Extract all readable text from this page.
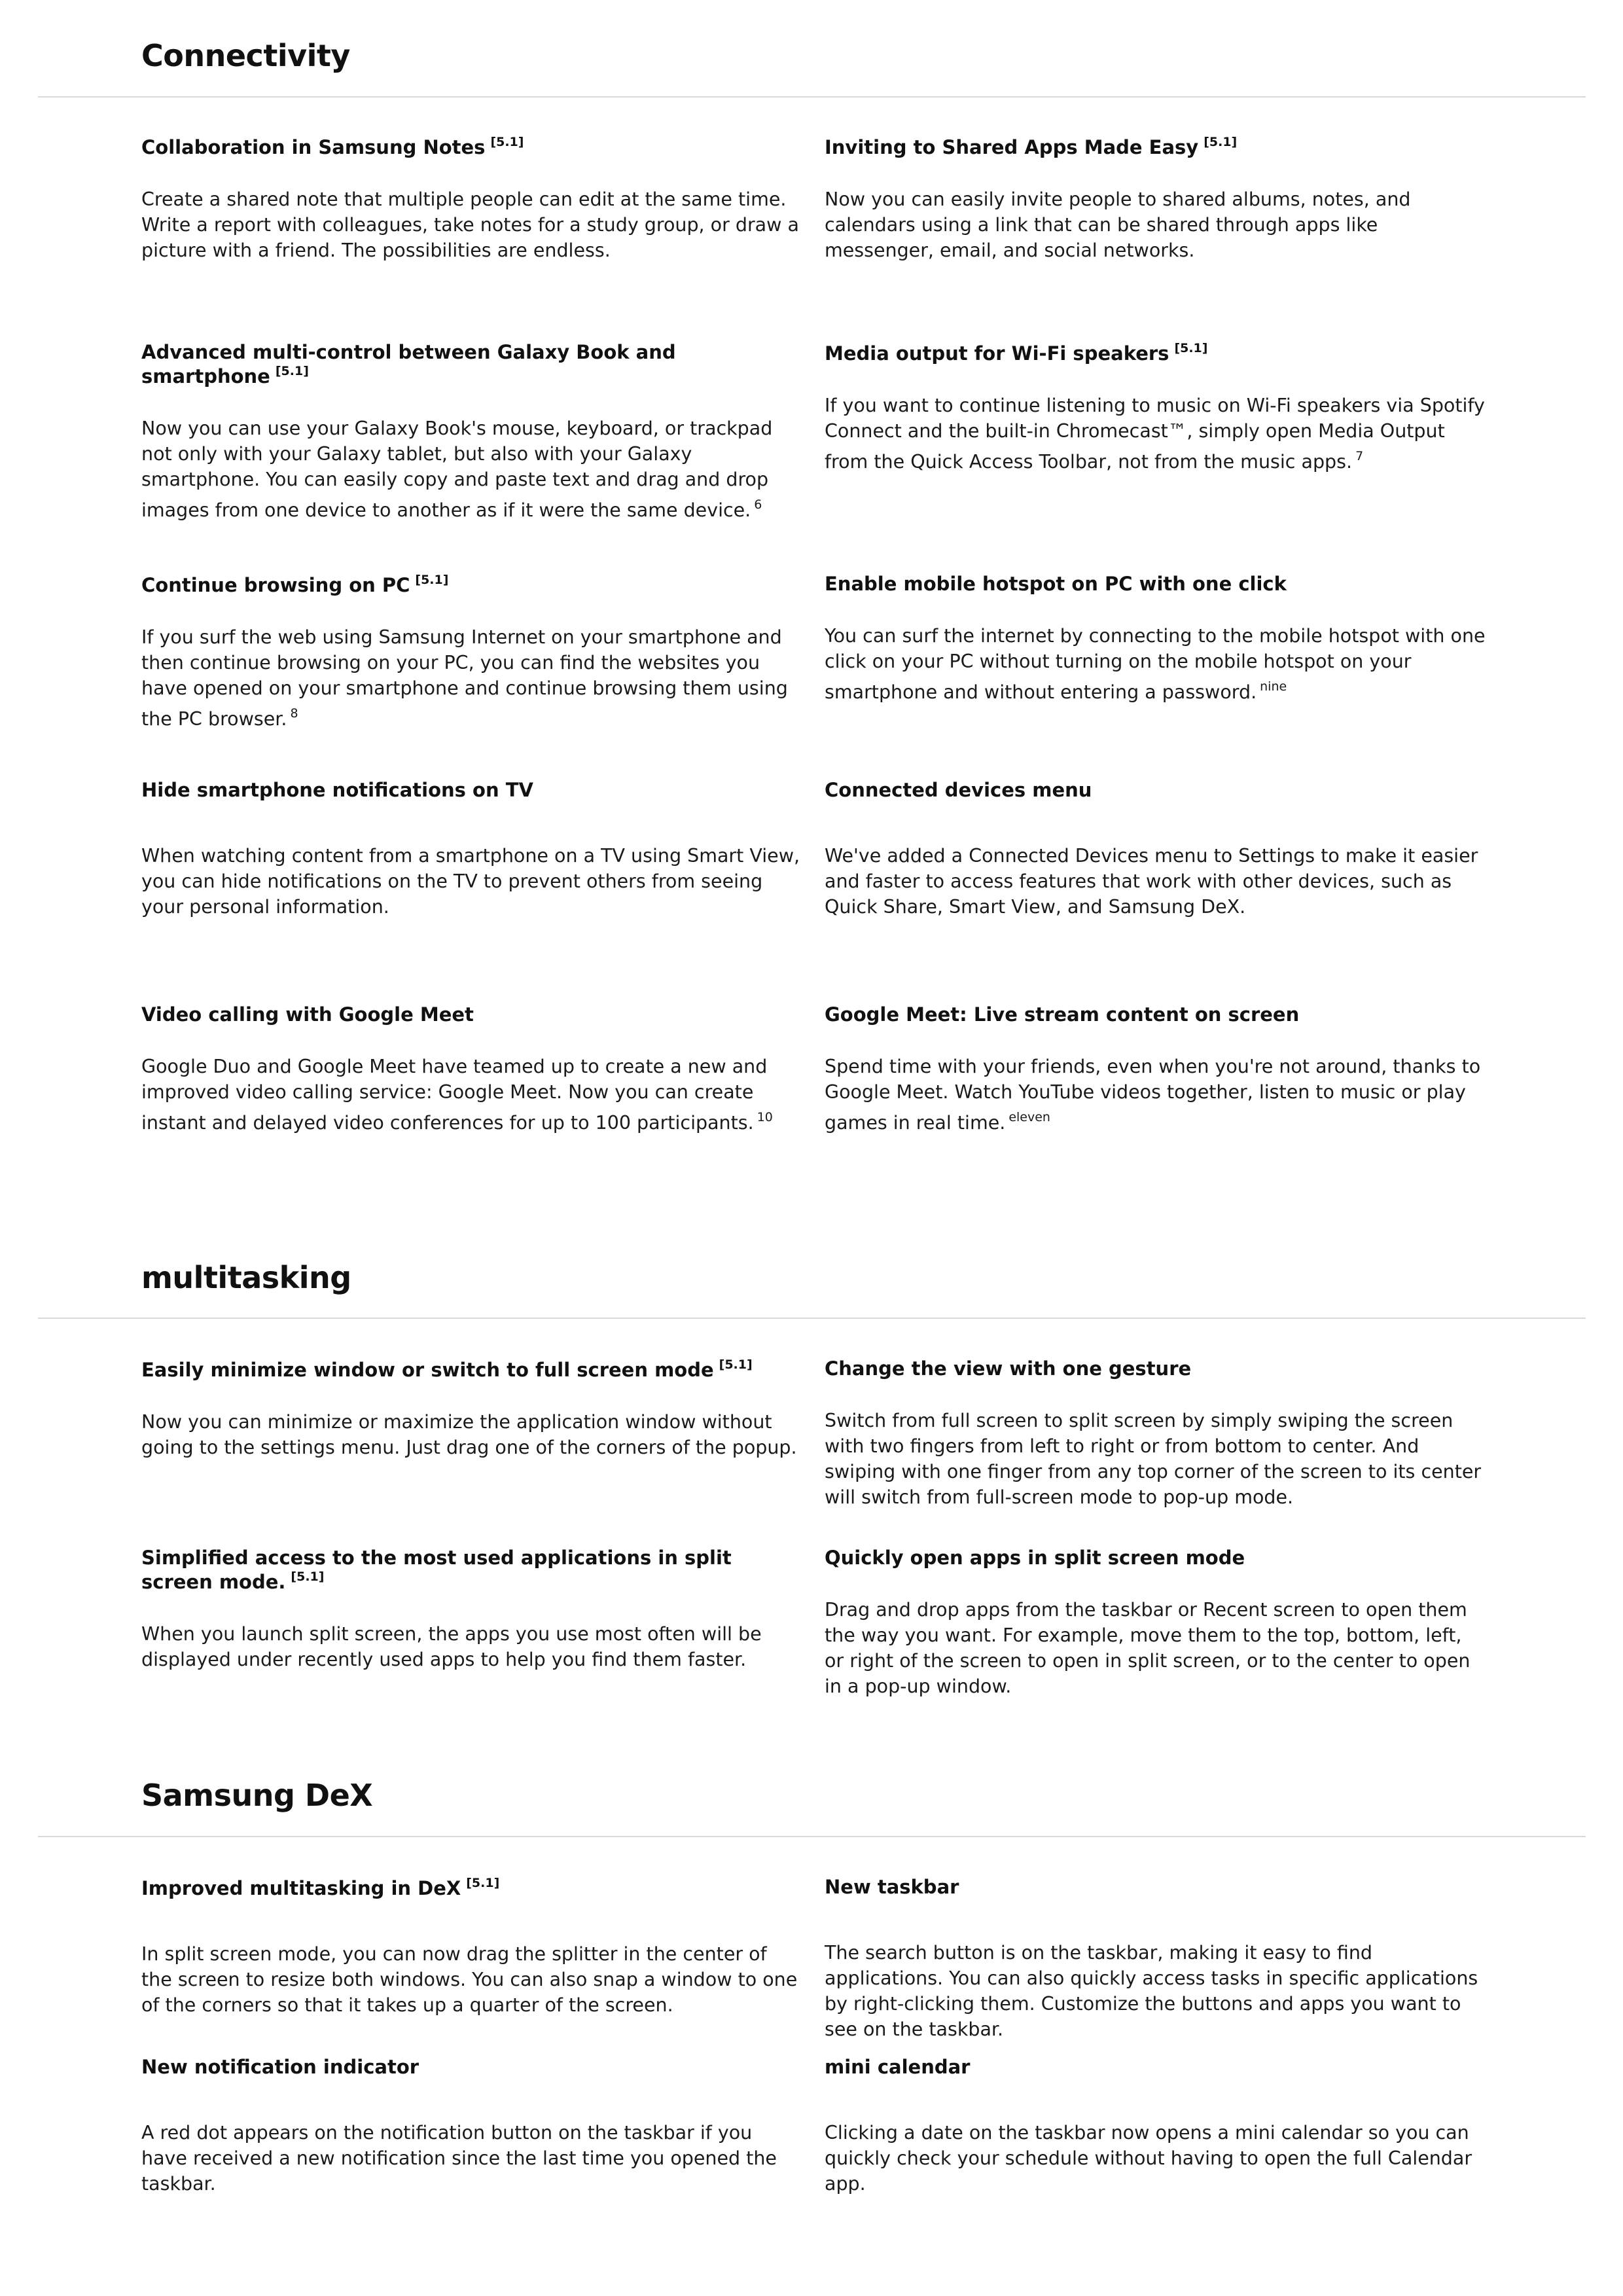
Connectivity

Collaboration in Samsung Notes [5.1]

Create a shared note that multiple people can edit at the same time. Write a report with colleagues, take notes for a study group, or draw a picture with a friend. The possibilities are endless.

Inviting to Shared Apps Made Easy [5.1]

Now you can easily invite people to shared albums, notes, and calendars using a link that can be shared through apps like messenger, email, and social networks.

Advanced multi-control between Galaxy Book and smartphone [5.1]

Now you can use your Galaxy Book's mouse, keyboard, or trackpad not only with your Galaxy tablet, but also with your Galaxy smartphone. You can easily copy and paste text and drag and drop images from one device to another as if it were the same device. $^6$

Media output for Wi-Fi speakers [5.1]

If you want to continue listening to music on Wi-Fi speakers via Spotify Connect and the built-in Chromecast™, simply open Media Output from the Quick Access Toolbar, not from the music apps. $^7$

Continue browsing on PC [5.1]

If you surf the web using Samsung Internet on your smartphone and then continue browsing on your PC, you can find the websites you have opened on your smartphone and continue browsing them using the PC browser. $^8$

Enable mobile hotspot on PC with one click

You can surf the internet by connecting to the mobile hotspot with one click on your PC without turning on the mobile hotspot on your smartphone and without entering a password. $^{nine}$

Hide smartphone notifications on TV

When watching content from a smartphone on a TV using Smart View, you can hide notifications on the TV to prevent others from seeing your personal information.

Connected devices menu

We've added a Connected Devices menu to Settings to make it easier and faster to access features that work with other devices, such as Quick Share, Smart View, and Samsung DeX.

Video calling with Google Meet

Google Duo and Google Meet have teamed up to create a new and improved video calling service: Google Meet. Now you can create instant and delayed video conferences for up to 100 participants. $^{10}$

Google Meet: Live stream content on screen

Spend time with your friends, even when you're not around, thanks to Google Meet. Watch YouTube videos together, listen to music or play games in real time. $^{eleven}$

multitasking

Easily minimize window or switch to full screen mode [5.1]

Now you can minimize or maximize the application window without going to the settings menu. Just drag one of the corners of the popup.

Change the view with one gesture

Switch from full screen to split screen by simply swiping the screen with two fingers from left to right or from bottom to center. And swiping with one finger from any top corner of the screen to its center will switch from full-screen mode to pop-up mode.

Simplified access to the most used applications in split screen mode. [5.1]

When you launch split screen, the apps you use most often will be displayed under recently used apps to help you find them faster.

Quickly open apps in split screen mode

Drag and drop apps from the taskbar or Recent screen to open them the way you want. For example, move them to the top, bottom, left, or right of the screen to open in split screen, or to the center to open in a pop-up window.

Samsung DeX

Improved multitasking in DeX [5.1]

In split screen mode, you can now drag the splitter in the center of the screen to resize both windows. You can also snap a window to one of the corners so that it takes up a quarter of the screen.

New taskbar

The search button is on the taskbar, making it easy to find applications. You can also quickly access tasks in specific applications by right-clicking them. Customize the buttons and apps you want to see on the taskbar.

New notification indicator

A red dot appears on the notification button on the taskbar if you have received a new notification since the last time you opened the taskbar.

mini calendar

Clicking a date on the taskbar now opens a mini calendar so you can quickly check your schedule without having to open the full Calendar app.
